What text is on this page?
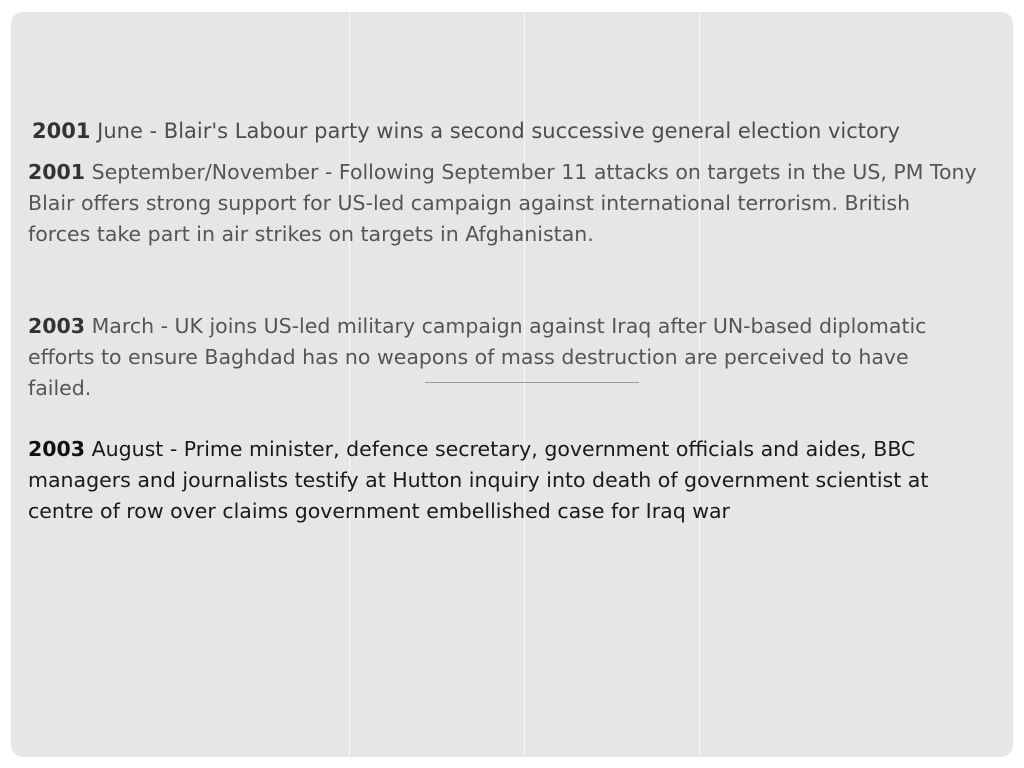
2001 June - Blair's Labour party wins a second successive general election victory
2001 September/November - Following September 11 attacks on targets in the US, PM Tony Blair offers strong support for US-led campaign against international terrorism. British forces take part in air strikes on targets in Afghanistan.
2003 March - UK joins US-led military campaign against Iraq after UN-based diplomatic efforts to ensure Baghdad has no weapons of mass destruction are perceived to have failed.
2003 August - Prime minister, defence secretary, government officials and aides, BBC managers and journalists testify at Hutton inquiry into death of government scientist at centre of row over claims government embellished case for Iraq war
